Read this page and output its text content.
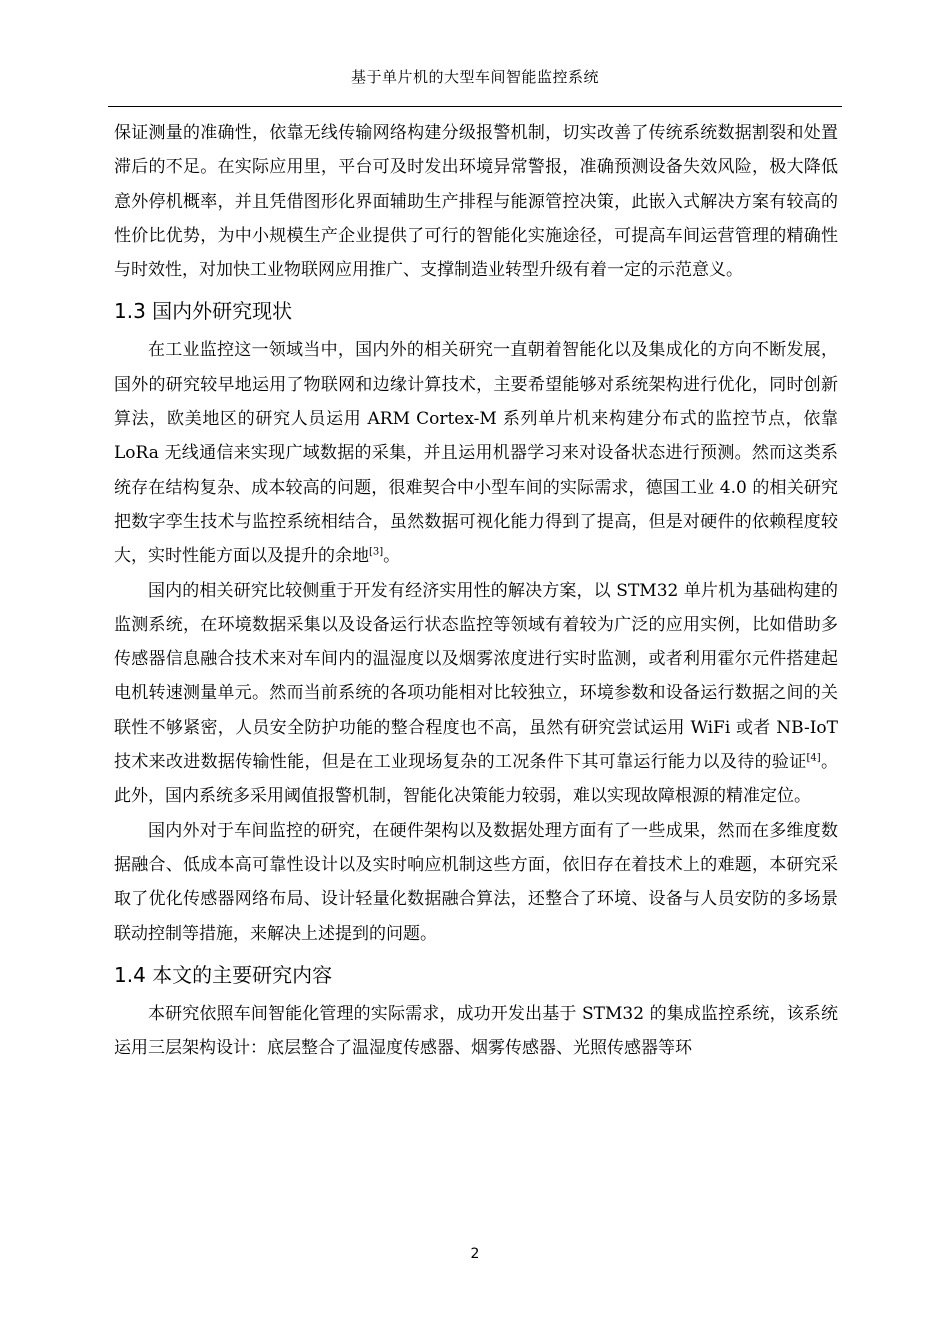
基于单片机的大型车间智能监控系统

保证测量的准确性，依靠无线传输网络构建分级报警机制，切实改善了传统系统数据割裂和处置滞后的不足。在实际应用里，平台可及时发出环境异常警报，准确预测设备失效风险，极大降低意外停机概率，并且凭借图形化界面辅助生产排程与能源管控决策，此嵌入式解决方案有较高的性价比优势，为中小规模生产企业提供了可行的智能化实施途径，可提高车间运营管理的精确性与时效性，对加快工业物联网应用推广、支撑制造业转型升级有着一定的示范意义。

1.3 国内外研究现状

在工业监控这一领域当中，国内外的相关研究一直朝着智能化以及集成化的方向不断发展，国外的研究较早地运用了物联网和边缘计算技术，主要希望能够对系统架构进行优化，同时创新算法，欧美地区的研究人员运用 ARM Cortex-M 系列单片机来构建分布式的监控节点，依靠 LoRa 无线通信来实现广域数据的采集，并且运用机器学习来对设备状态进行预测。然而这类系统存在结构复杂、成本较高的问题，很难契合中小型车间的实际需求，德国工业 4.0 的相关研究把数字孪生技术与监控系统相结合，虽然数据可视化能力得到了提高，但是对硬件的依赖程度较大，实时性能方面以及提升的余地[3]。

国内的相关研究比较侧重于开发有经济实用性的解决方案，以 STM32 单片机为基础构建的监测系统，在环境数据采集以及设备运行状态监控等领域有着较为广泛的应用实例，比如借助多传感器信息融合技术来对车间内的温湿度以及烟雾浓度进行实时监测，或者利用霍尔元件搭建起电机转速测量单元。然而当前系统的各项功能相对比较独立，环境参数和设备运行数据之间的关联性不够紧密，人员安全防护功能的整合程度也不高，虽然有研究尝试运用 WiFi 或者 NB-IoT 技术来改进数据传输性能，但是在工业现场复杂的工况条件下其可靠运行能力以及待的验证[4]。此外，国内系统多采用阈值报警机制，智能化决策能力较弱，难以实现故障根源的精准定位。

国内外对于车间监控的研究，在硬件架构以及数据处理方面有了一些成果，然而在多维度数据融合、低成本高可靠性设计以及实时响应机制这些方面，依旧存在着技术上的难题，本研究采取了优化传感器网络布局、设计轻量化数据融合算法，还整合了环境、设备与人员安防的多场景联动控制等措施，来解决上述提到的问题。

1.4 本文的主要研究内容

本研究依照车间智能化管理的实际需求，成功开发出基于 STM32 的集成监控系统，该系统运用三层架构设计：底层整合了温湿度传感器、烟雾传感器、光照传感器等环

2
